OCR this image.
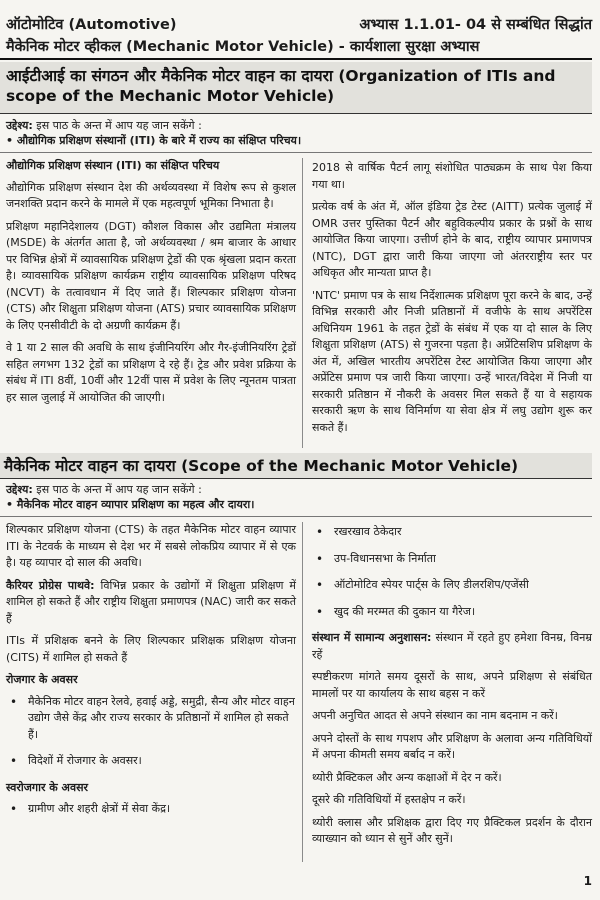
ऑटोमोटिव (Automotive)	अभ्यास 1.1.01- 04 से सम्बंधित सिद्धांत
मैकेनिक मोटर व्हीकल (Mechanic Motor Vehicle) - कार्यशाला सुरक्षा अभ्यास
आईटीआई का संगठन और मैकेनिक मोटर वाहन का दायरा (Organization of ITIs and scope of the Mechanic Motor Vehicle)
उद्देश्य: इस पाठ के अन्त में आप यह जान सकेंगे :
• औद्योगिक प्रशिक्षण संस्थानों (ITI) के बारे में राज्य का संक्षिप्त परिचय।
औद्योगिक प्रशिक्षण संस्थान (ITI) का संक्षिप्त परिचय

औद्योगिक प्रशिक्षण संस्थान देश की अर्थव्यवस्था में विशेष रूप से कुशल जनशक्ति प्रदान करने के मामले में एक महत्वपूर्ण भूमिका निभाता है।

प्रशिक्षण महानिदेशालय (DGT) कौशल विकास और उद्यमिता मंत्रालय (MSDE) के अंतर्गत आता है, जो अर्थव्यवस्था / श्रम बाजार के आधार पर विभिन्न क्षेत्रों में व्यावसायिक प्रशिक्षण ट्रेडों की एक श्रृंखला प्रदान करता है। व्यावसायिक प्रशिक्षण कार्यक्रम राष्ट्रीय व्यावसायिक प्रशिक्षण परिषद (NCVT) के तत्वावधान में दिए जाते हैं। शिल्पकार प्रशिक्षण योजना (CTS) और शिक्षुता प्रशिक्षण योजना (ATS) प्रचार व्यावसायिक प्रशिक्षण के लिए एनसीवीटी के दो अग्रणी कार्यक्रम हैं।

वे 1 या 2 साल की अवधि के साथ इंजीनियरिंग और गैर-इंजीनियरिंग ट्रेडों सहित लगभग 132 ट्रेडों का प्रशिक्षण दे रहे हैं। ट्रेड और प्रवेश प्रक्रिया के संबंध में ITI 8वीं, 10वीं और 12वीं पास में प्रवेश के लिए न्यूनतम पात्रता हर साल जुलाई में आयोजित की जाएगी।

2018 से वार्षिक पैटर्न लागू संशोधित पाठ्यक्रम के साथ पेश किया गया था।

प्रत्येक वर्ष के अंत में, ऑल इंडिया ट्रेड टेस्ट (AITT) प्रत्येक जुलाई में OMR उत्तर पुस्तिका पैटर्न और बहुविकल्पीय प्रकार के प्रश्नों के साथ आयोजित किया जाएगा। उत्तीर्ण होने के बाद, राष्ट्रीय व्यापार प्रमाणपत्र (NTC), DGT द्वारा जारी किया जाएगा जो अंतरराष्ट्रीय स्तर पर अधिकृत और मान्यता प्राप्त है।

'NTC' प्रमाण पत्र के साथ निर्देशात्मक प्रशिक्षण पूरा करने के बाद, उन्हें विभिन्न सरकारी और निजी प्रतिष्ठानों में वजीफे के साथ अपरेंटिस अधिनियम 1961 के तहत ट्रेडों के संबंध में एक या दो साल के लिए शिक्षुता प्रशिक्षण (ATS) से गुजरना पड़ता है। अप्रेंटिसशिप प्रशिक्षण के अंत में, अखिल भारतीय अपरेंटिस टेस्ट आयोजित किया जाएगा और अप्रेंटिस प्रमाण पत्र जारी किया जाएगा। उन्हें भारत/विदेश में निजी या सरकारी प्रतिष्ठान में नौकरी के अवसर मिल सकते हैं या वे सहायक सरकारी ऋण के साथ विनिर्माण या सेवा क्षेत्र में लघु उद्योग शुरू कर सकते हैं।

मैकेनिक मोटर वाहन का दायरा (Scope of the Mechanic Motor Vehicle)
उद्देश्य: इस पाठ के अन्त में आप यह जान सकेंगे :
• मैकेनिक मोटर वाहन व्यापार प्रशिक्षण का महत्व और दायरा।

शिल्पकार प्रशिक्षण योजना (CTS) के तहत मैकेनिक मोटर वाहन व्यापार ITI के नेटवर्क के माध्यम से देश भर में सबसे लोकप्रिय व्यापार में से एक है। यह व्यापार दो साल की अवधि।

कैरियर प्रोग्रेस पाथवे: विभिन्न प्रकार के उद्योगों में शिक्षुता प्रशिक्षण में शामिल हो सकते हैं और राष्ट्रीय शिक्षुता प्रमाणपत्र (NAC) जारी कर सकते हैं

ITIs में प्रशिक्षक बनने के लिए शिल्पकार प्रशिक्षक प्रशिक्षण योजना (CITS) में शामिल हो सकते हैं

रोजगार के अवसर
• मैकेनिक मोटर वाहन रेलवे, हवाई अड्डे, समुद्री, सैन्य और मोटर वाहन उद्योग जैसे केंद्र और राज्य सरकार के प्रतिष्ठानों में शामिल हो सकते हैं।
• विदेशों में रोजगार के अवसर।
स्वरोजगार के अवसर
• ग्रामीण और शहरी क्षेत्रों में सेवा केंद्र।
• रखरखाव ठेकेदार
• उप-विधानसभा के निर्माता
• ऑटोमोटिव स्पेयर पार्ट्स के लिए डीलरशिप/एजेंसी
• खुद की मरम्मत की दुकान या गैरेज।

संस्थान में सामान्य अनुशासन: संस्थान में रहते हुए हमेशा विनम्र, विनम्र रहें

स्पष्टीकरण मांगते समय दूसरों के साथ, अपने प्रशिक्षण से संबंधित मामलों पर या कार्यालय के साथ बहस न करें

अपनी अनुचित आदत से अपने संस्थान का नाम बदनाम न करें।

अपने दोस्तों के साथ गपशप और प्रशिक्षण के अलावा अन्य गतिविधियों में अपना कीमती समय बर्बाद न करें।

थ्योरी प्रैक्टिकल और अन्य कक्षाओं में देर न करें।

दूसरे की गतिविधियों में हस्तक्षेप न करें।

थ्योरी क्लास और प्रशिक्षक द्वारा दिए गए प्रैक्टिकल प्रदर्शन के दौरान व्याख्यान को ध्यान से सुनें और सुनें।

1
